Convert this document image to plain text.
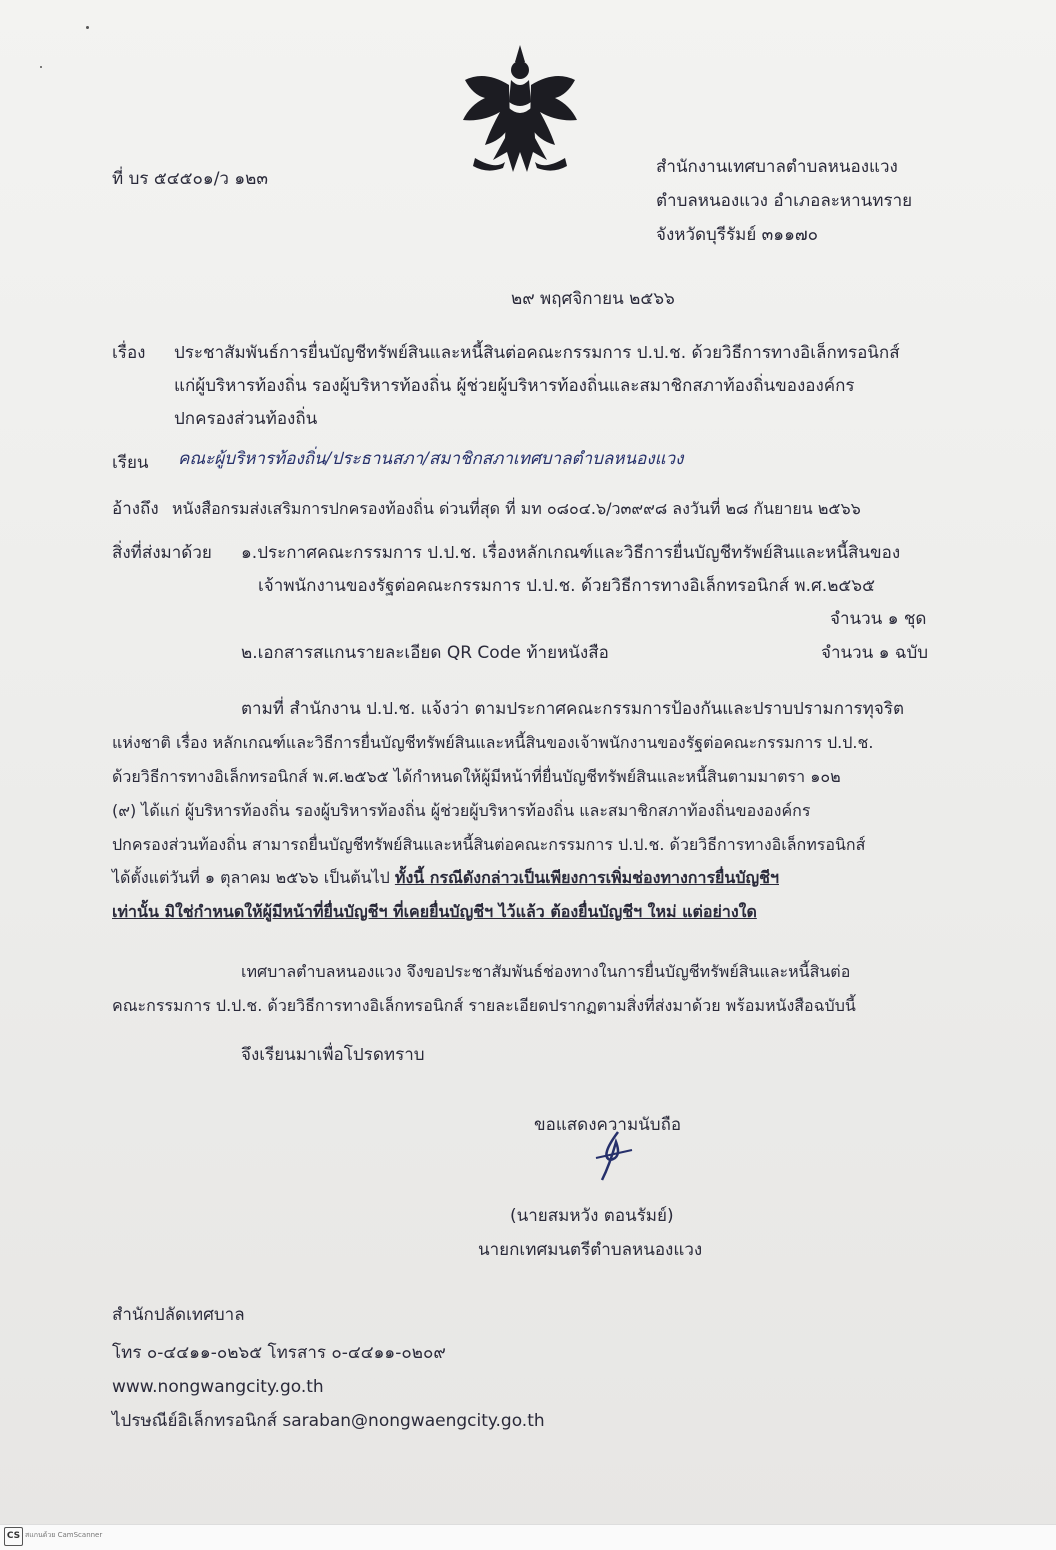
ที่ บร ๕๔๕๐๑/ว ๑๒๓
สำนักงานเทศบาลตำบลหนองแวง
ตำบลหนองแวง อำเภอละหานทราย
จังหวัดบุรีรัมย์ ๓๑๑๗๐
๒๙ พฤศจิกายน ๒๕๖๖
เรื่อง ประชาสัมพันธ์การยื่นบัญชีทรัพย์สินและหนี้สินต่อคณะกรรมการ ป.ป.ช. ด้วยวิธีการทางอิเล็กทรอนิกส์
แก่ผู้บริหารท้องถิ่น รองผู้บริหารท้องถิ่น ผู้ช่วยผู้บริหารท้องถิ่นและสมาชิกสภาท้องถิ่นขององค์กร
ปกครองส่วนท้องถิ่น
เรียน คณะผู้บริหารท้องถิ่น/ประธานสภา/สมาชิกสภาเทศบาลตำบลหนองแวง
อ้างถึง หนังสือกรมส่งเสริมการปกครองท้องถิ่น ด่วนที่สุด ที่ มท ๐๘๐๔.๖/ว๓๙๙๘ ลงวันที่ ๒๘ กันยายน ๒๕๖๖
สิ่งที่ส่งมาด้วย ๑.ประกาศคณะกรรมการ ป.ป.ช. เรื่องหลักเกณฑ์และวิธีการยื่นบัญชีทรัพย์สินและหนี้สินของ
เจ้าพนักงานของรัฐต่อคณะกรรมการ ป.ป.ช. ด้วยวิธีการทางอิเล็กทรอนิกส์ พ.ศ.๒๕๖๕
จำนวน ๑ ชุด
๒.เอกสารสแกนรายละเอียด QR Code ท้ายหนังสือ	จำนวน ๑ ฉบับ
ตามที่ สำนักงาน ป.ป.ช. แจ้งว่า ตามประกาศคณะกรรมการป้องกันและปราบปรามการทุจริต
แห่งชาติ เรื่อง หลักเกณฑ์และวิธีการยื่นบัญชีทรัพย์สินและหนี้สินของเจ้าพนักงานของรัฐต่อคณะกรรมการ ป.ป.ช.
ด้วยวิธีการทางอิเล็กทรอนิกส์ พ.ศ.๒๕๖๕ ได้กำหนดให้ผู้มีหน้าที่ยื่นบัญชีทรัพย์สินและหนี้สินตามมาตรา ๑๐๒
(๙) ได้แก่ ผู้บริหารท้องถิ่น รองผู้บริหารท้องถิ่น ผู้ช่วยผู้บริหารท้องถิ่น และสมาชิกสภาท้องถิ่นขององค์กร
ปกครองส่วนท้องถิ่น สามารถยื่นบัญชีทรัพย์สินและหนี้สินต่อคณะกรรมการ ป.ป.ช. ด้วยวิธีการทางอิเล็กทรอนิกส์
ได้ตั้งแต่วันที่ ๑ ตุลาคม ๒๕๖๖ เป็นต้นไป ทั้งนี้ กรณีดังกล่าวเป็นเพียงการเพิ่มช่องทางการยื่นบัญชีฯ
เท่านั้น มิใช่กำหนดให้ผู้มีหน้าที่ยื่นบัญชีฯ ที่เคยยื่นบัญชีฯ ไว้แล้ว ต้องยื่นบัญชีฯ ใหม่ แต่อย่างใด
เทศบาลตำบลหนองแวง จึงขอประชาสัมพันธ์ช่องทางในการยื่นบัญชีทรัพย์สินและหนี้สินต่อ
คณะกรรมการ ป.ป.ช. ด้วยวิธีการทางอิเล็กทรอนิกส์ รายละเอียดปรากฏตามสิ่งที่ส่งมาด้วย พร้อมหนังสือฉบับนี้
จึงเรียนมาเพื่อโปรดทราบ
ขอแสดงความนับถือ
(นายสมหวัง ตอนรัมย์)
นายกเทศมนตรีตำบลหนองแวง
สำนักปลัดเทศบาล
โทร ๐-๔๔๑๑-๐๒๖๕ โทรสาร ๐-๔๔๑๑-๐๒๐๙
www.nongwangcity.go.th
ไปรษณีย์อิเล็กทรอนิกส์ saraban@nongwaengcity.go.th
CS สแกนด้วย CamScanner
